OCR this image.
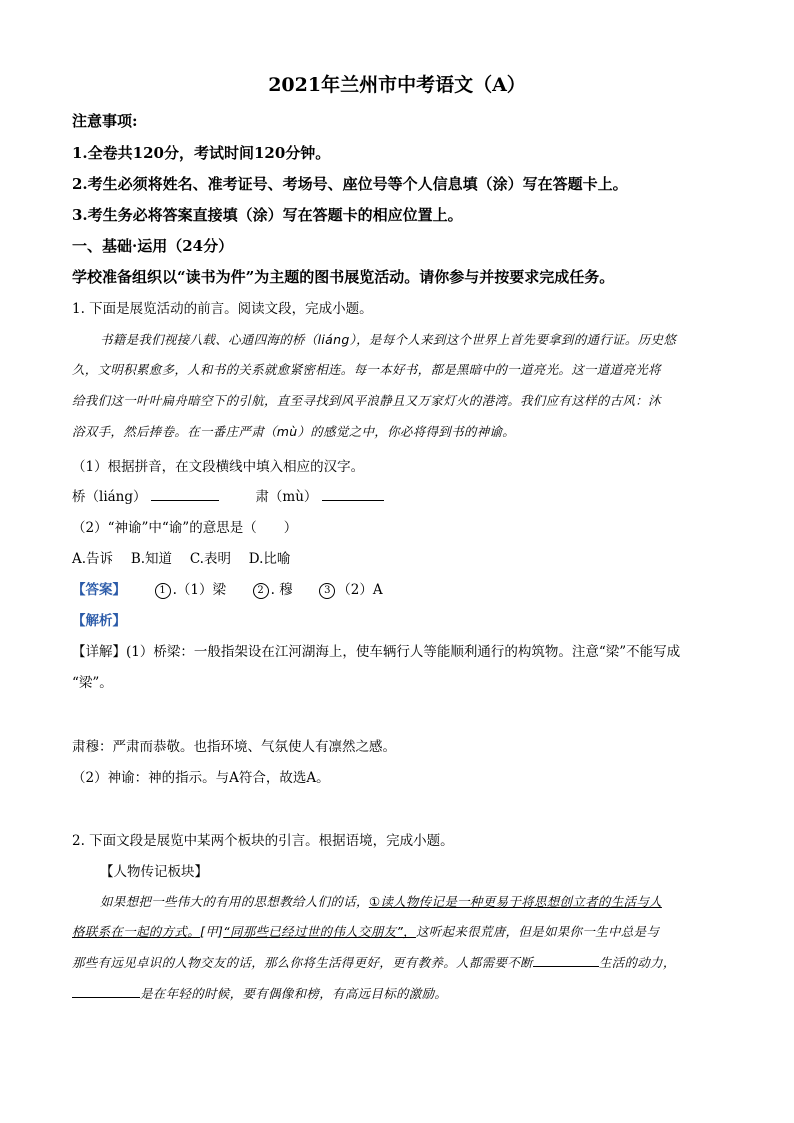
2021年兰州市中考语文（A）
注意事项:
1.全卷共120分，考试时间120分钟。
2.考生必须将姓名、准考证号、考场号、座位号等个人信息填（涂）写在答题卡上。
3.考生务必将答案直接填（涂）写在答题卡的相应位置上。
一、基础·运用（24分）
学校准备组织以“读书为件”为主题的图书展览活动。请你参与并按要求完成任务。
1. 下面是展览活动的前言。阅读文段，完成小题。
书籍是我们视接八载、心通四海的桥（liáng），是每个人来到这个世界上首先要拿到的通行证。历史悠
久，文明积累愈多，人和书的关系就愈紧密相连。每一本好书，都是黑暗中的一道亮光。这一道道亮光将
给我们这一叶叶扁舟暗空下的引航，直至寻找到风平浪静且又万家灯火的港湾。我们应有这样的古风：沐
浴双手，然后捧卷。在一番庄严肃（mù）的感觉之中，你必将得到书的神谕。
（1）根据拼音，在文段横线中填入相应的汉字。
桥（liáng）	肃（mù）
（2）“神谕”中“谕”的意思是（　　）
A.告诉　 B.知道　 C.表明　 D.比喻
【答案】	1 .（1）梁	2 . 穆	3 （2）A
【解析】
【详解】(1）桥梁：一般指架设在江河湖海上，使车辆行人等能顺利通行的构筑物。注意“梁”不能写成
“梁”。
肃穆：严肃而恭敬。也指环境、气氛使人有凛然之感。
（2）神谕：神的指示。与A符合，故选A。
2. 下面文段是展览中某两个板块的引言。根据语境，完成小题。
【人物传记板块】
如果想把一些伟大的有用的思想教给人们的话，①读人物传记是一种更易于将思想创立者的生活与人
格联系在一起的方式。[甲]“同那些已经过世的伟人交朋友”，这听起来很荒唐，但是如果你一生中总是与
那些有远见卓识的人物交友的话，那么你将生活得更好，更有教养。人都需要不断	生活的动力，
是在年轻的时候，要有偶像和榜，有高远目标的激励。
